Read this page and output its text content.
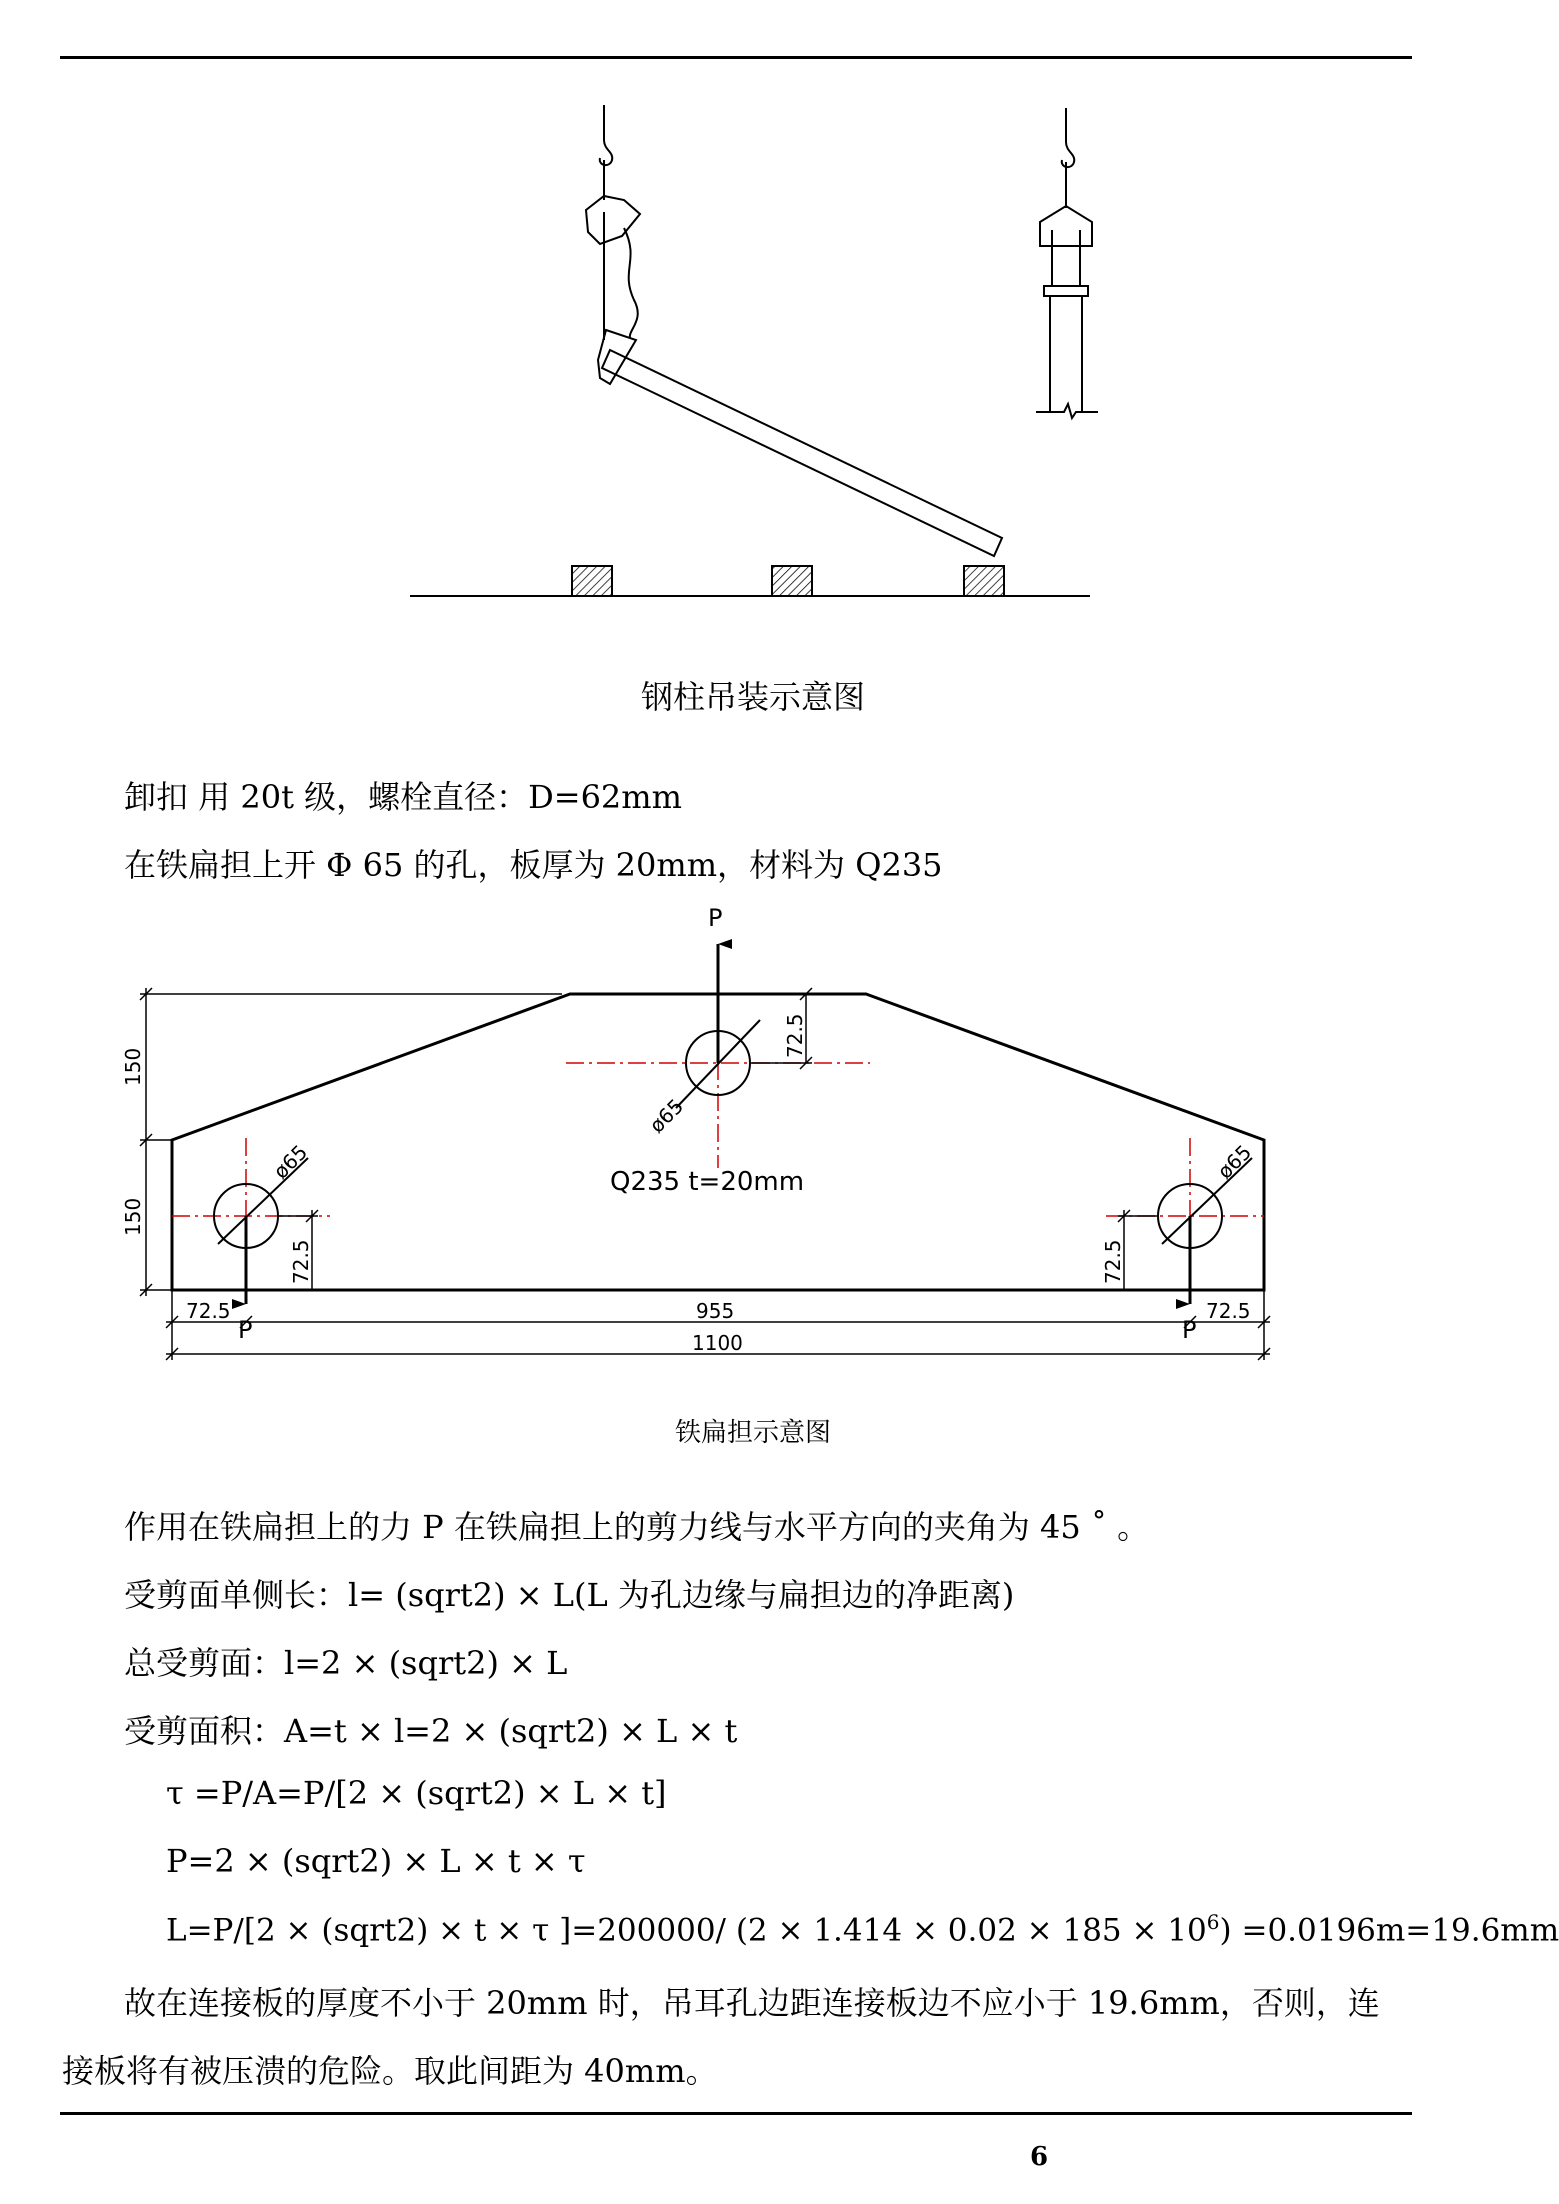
钢柱吊装示意图
卸扣 用 20t 级，螺栓直径：D=62mm
在铁扁担上开 Φ 65 的孔，板厚为 20mm，材料为 Q235
P
P	P
Q235 t=20mm
ø65
ø65	ø65
150
150
72.5
72.5	72.5
72.5	955	72.5
1100
铁扁担示意图
作用在铁扁担上的力 P 在铁扁担上的剪力线与水平方向的夹角为 45 ˚ 。
受剪面单侧长：l= (sqrt2) × L(L 为孔边缘与扁担边的净距离)
总受剪面：l=2 × (sqrt2) × L
受剪面积：A=t × l=2 × (sqrt2) × L × t
τ =P/A=P/[2 × (sqrt2) × L × t]
P=2 × (sqrt2) × L × t × τ
L=P/[2 × (sqrt2) × t × τ ]=200000/ $(2 \times 1.414 \times 0.02 \times 185 \times 10^6) =0.0196m=19.6mm$
故在连接板的厚度不小于 20mm 时，吊耳孔边距连接板边不应小于 19.6mm，否则，连
接板将有被压溃的危险。取此间距为 40mm。
6
